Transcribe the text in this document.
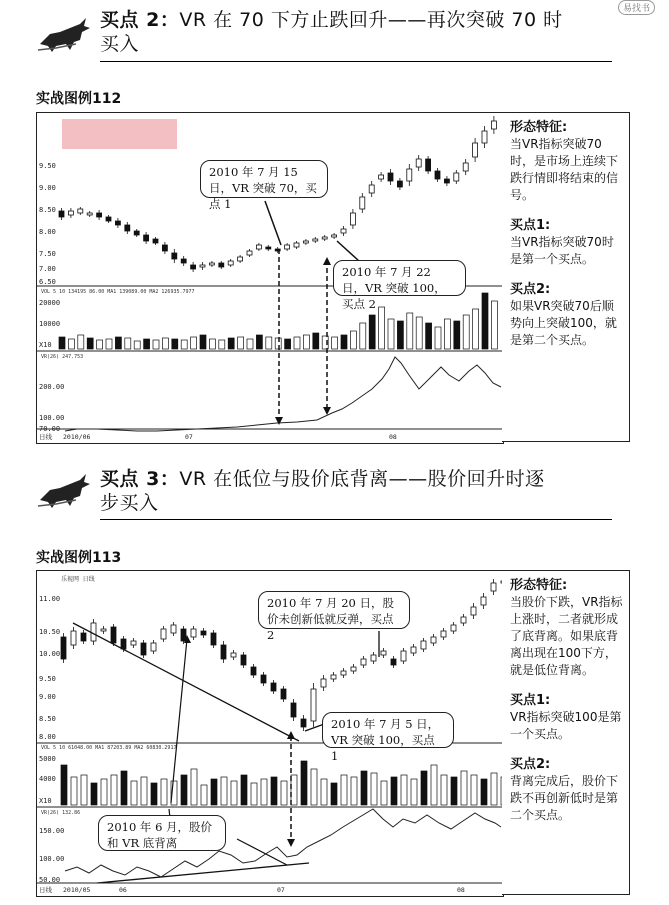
买点 2：VR 在 70 下方止跌回升——再次突破 70 时
买入
易找书
实战图例112
9.50
9.00
8.50
8.00
7.50
7.00
6.50
VOL 5 10 134195 86.00 MA1 139089.00 MA2 126935.7977
20000
10000
X10
VR(26) 247.753
200.00
100.00
70.00
日线 2010/06	07	08
2010 年 7 月 15 日，VR 突破 70，买点 1
2010 年 7 月 22 日，VR 突破 100，买点 2

形态特征:
当VR指标突破70时，是市场上连续下跌行情即将结束的信号。

买点1:
当VR指标突破70时是第一个买点。

买点2:
如果VR突破70后顺势向上突破100，就是第二个买点。

买点 3：VR 在低位与股价底背离——股价回升时逐
步买入
实战图例113
乐视网 日线
11.00
10.50
10.00
9.50
9.00
8.50
8.00
VOL 5 10 61048.00 MA1 87203.89 MA2 60830.2917
5000
4000
X10
VR(26) 132.86
150.00
100.00
50.00
日线 2010/05	06	07	08
2010 年 7 月 20 日，股价未创新低就反弹，买点 2
2010 年 7 月 5 日，VR 突破 100，买点 1
2010 年 6 月，股价和 VR 底背离

形态特征:
当股价下跌，VR指标上涨时，二者就形成了底背离。如果底背离出现在100下方，就是低位背离。

买点1:
VR指标突破100是第一个买点。

买点2:
背离完成后，股价下跌不再创新低时是第二个买点。
